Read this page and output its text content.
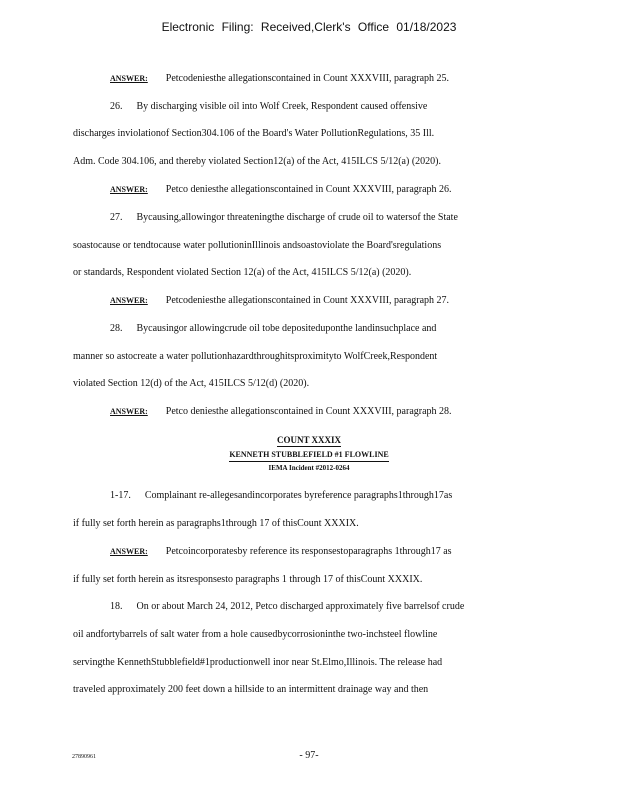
Electronic Filing: Received,Clerk's Office 01/18/2023
ANSWER: Petcodeniesthe allegationscontained in Count XXXVIII, paragraph 25.
26. By discharging visible oil into Wolf Creek, Respondent caused offensive
discharges inviolationof Section304.106 of the Board's Water PollutionRegulations, 35 Ill.
Adm. Code 304.106, and thereby violated Section12(a) of the Act, 415ILCS 5/12(a) (2020).
ANSWER: Petco deniesthe allegationscontained in Count XXXVIII, paragraph 26.
27. Bycausing,allowingor threateningthe discharge of crude oil to watersof the State
soastocause or tendtocause water pollutioninIllinois andsoastoviolate the Board'sregulations
or standards, Respondent violated Section 12(a) of the Act, 415ILCS 5/12(a) (2020).
ANSWER: Petcodeniesthe allegationscontained in Count XXXVIII, paragraph 27.
28. Bycausingor allowingcrude oil tobe depositeduponthe landinsuchplace and
manner so astocreate a water pollutionhazardthroughitsproximityto WolfCreek,Respondent
violated Section 12(d) of the Act, 415ILCS 5/12(d) (2020).
ANSWER: Petco deniesthe allegationscontained in Count XXXVIII, paragraph 28.
COUNT XXXIX
KENNETH STUBBLEFIELD #1 FLOWLINE
IEMA Incident #2012-0264
1-17. Complainant re-allegesandincorporates byreference paragraphs1through17as
if fully set forth herein as paragraphs1through 17 of thisCount XXXIX.
ANSWER: Petcoincorporatesby reference its responsestoparagraphs 1through17 as
if fully set forth herein as itsresponsesto paragraphs 1 through 17 of thisCount XXXIX.
18. On or about March 24, 2012, Petco discharged approximately five barrelsof crude
oil andfortybarrels of salt water from a hole causedbycorrosioninthe two-inchsteel flowline
servingthe KennethStubblefield#1productionwell inor near St.Elmo,Illinois. The release had
traveled approximately 200 feet down a hillside to an intermittent drainage way and then
27890961	- 97-
